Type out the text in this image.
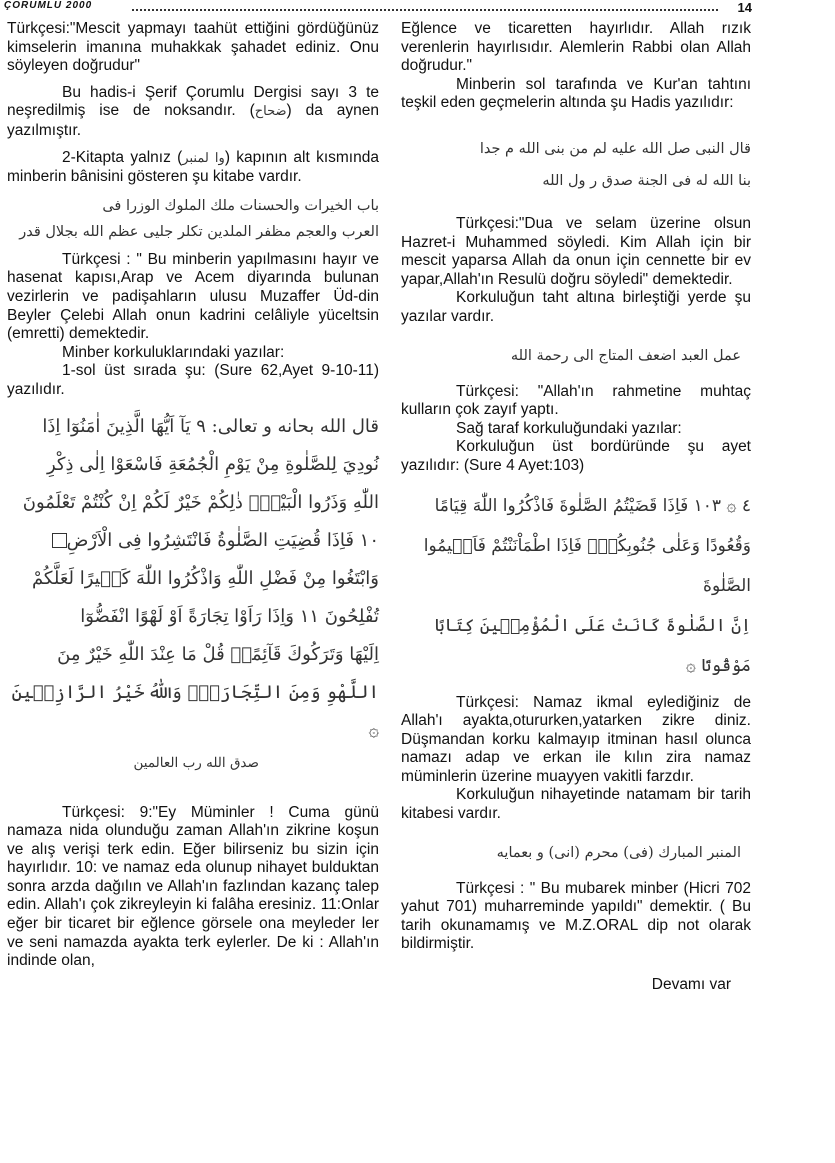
ÇORUMLU 2000	14

Türkçesi:"Mescit yapmayı taahüt ettiğini gördüğünüz kimselerin imanına muhakkak şahadet ediniz. Onu söyleyen doğrudur"

Bu hadis-i Şerif Çorumlu Dergisi sayı 3 te neşredilmiş ise de noksandır. (ضحاح) da aynen yazılmıştır.

2-Kitapta yalnız (وا لمنبر) kapının alt kısmında minberin bânisini gösteren şu kitabe vardır.

باب الخيرات والحسنات ملك الملوك الوزرا فى
العرب والعجم مظفر الملدين تكلر جليى عظم الله بجلال قدر

Türkçesi : " Bu minberin yapılmasını hayır ve hasenat kapısı,Arap ve Acem diyarında bulunan vezirlerin ve padişahların ulusu Muzaffer Üd-din Beyler Çelebi Allah onun kadrini celâliyle yüceltsin (emretti) demektedir.

Minber korkuluklarındaki yazılar:

1-sol üst sırada şu: (Sure 62,Ayet 9-10-11) yazılıdır.

قال الله بحانه و تعالى: ٩ يَآ اَيُّهَا الَّذِينَ اٰمَنُوٓا اِذَا
نُودِيَ لِلصَّلٰوةِ مِنْ يَوْمِ الْجُمُعَةِ فَاسْعَوْا اِلٰى ذِكْرِ
اللّٰهِ وَذَرُوا الْبَيْعَۜ ذٰلِكُمْ خَيْرٌ لَكُمْ اِنْ كُنْتُمْ تَعْلَمُونَ
١٠ فَاِذَا قُضِيَتِ الصَّلٰوةُ فَانْتَشِرُوا فِى الْاَرْضِ
وَابْتَغُوا مِنْ فَضْلِ اللّٰهِ وَاذْكُرُوا اللّٰهَ كَث۪يرًا لَعَلَّكُمْ
تُفْلِحُونَ ١١ وَاِذَا رَاَوْا تِجَارَةً اَوْ لَهْوًا انْفَضُّوٓا
اِلَيْهَا وَتَرَكُوكَ قَآئِمًاۜ قُلْ مَا عِنْدَ اللّٰهِ خَيْرٌ مِنَ
اللَّهْوِ وَمِنَ التِّجَارَةِۜ وَاللّٰهُ خَيْرُ الرَّازِق۪ينَ ۞
صدق الله رب العالمين

Türkçesi: 9:"Ey Müminler ! Cuma günü namaza nida olunduğu zaman Allah'ın zikrine koşun ve alış verişi terk edin. Eğer bilirseniz bu sizin için hayırlıdır. 10: ve namaz eda olunup nihayet bulduktan sonra arzda dağılın ve Allah'ın fazlından kazanç talep edin. Allah'ı çok zikreyleyin ki falâha eresiniz. 11:Onlar eğer bir ticaret bir eğlence görsele ona meyleder ler ve seni namazda ayakta terk eylerler. De ki : Allah'ın indinde olan,

Eğlence ve ticaretten hayırlıdır. Allah rızık verenlerin hayırlısıdır. Alemlerin Rabbi olan Allah doğrudur."

Minberin sol tarafında ve Kur'an tahtını teşkil eden geçmelerin altında şu Hadis yazılıdır:

قال النبى صل الله عليه لم من بنى الله م جدا
بنا الله له فى الجنة صدق ر ول الله

Türkçesi:"Dua ve selam üzerine olsun Hazret-i Muhammed söyledi. Kim Allah için bir mescit yaparsa Allah da onun için cennette bir ev yapar,Allah'ın Resulü doğru söyledi" demektedir.

Korkuluğun taht altına birleştiği yerde şu yazılar vardır.

عمل العبد اضعف المتاج الى رحمة الله

Türkçesi: "Allah'ın rahmetine muhtaç kulların çok zayıf yaptı.

Sağ taraf korkuluğundaki yazılar:

Korkuluğun üst bordüründe şu ayet yazılıdır: (Sure 4 Ayet:103)

٤ ۞ ١٠٣ فَاِذَا قَضَيْتُمُ الصَّلٰوةَ فَاذْكُرُوا اللّٰهَ قِيَامًا
وَقُعُودًا وَعَلٰى جُنُوبِكُمْۚ فَاِذَا اطْمَاْنَنْتُمْ فَاَق۪يمُوا الصَّلٰوةَ
اِنَّ الصَّلٰوةَ كَانَتْ عَلَى الْمُؤْمِن۪ينَ كِتَابًا مَوْقُوتًا ۞

Türkçesi: Namaz ikmal eylediğiniz de Allah'ı ayakta,otururken,yatarken zikre diniz. Düşmandan korku kalmayıp itminan hasıl olunca namazı adap ve erkan ile kılın zira namaz müminlerin üzerine muayyen vakitli farzdır.

Korkuluğun nihayetinde natamam bir tarih kitabesi vardır.

المنبر المبارك (فى) محرم (انى) و بعمايه

Türkçesi : " Bu mubarek minber (Hicri 702 yahut 701) muharreminde yapıldı" demektir. ( Bu tarih okunamamış ve M.Z.ORAL dip not olarak bildirmiştir.

Devamı var
